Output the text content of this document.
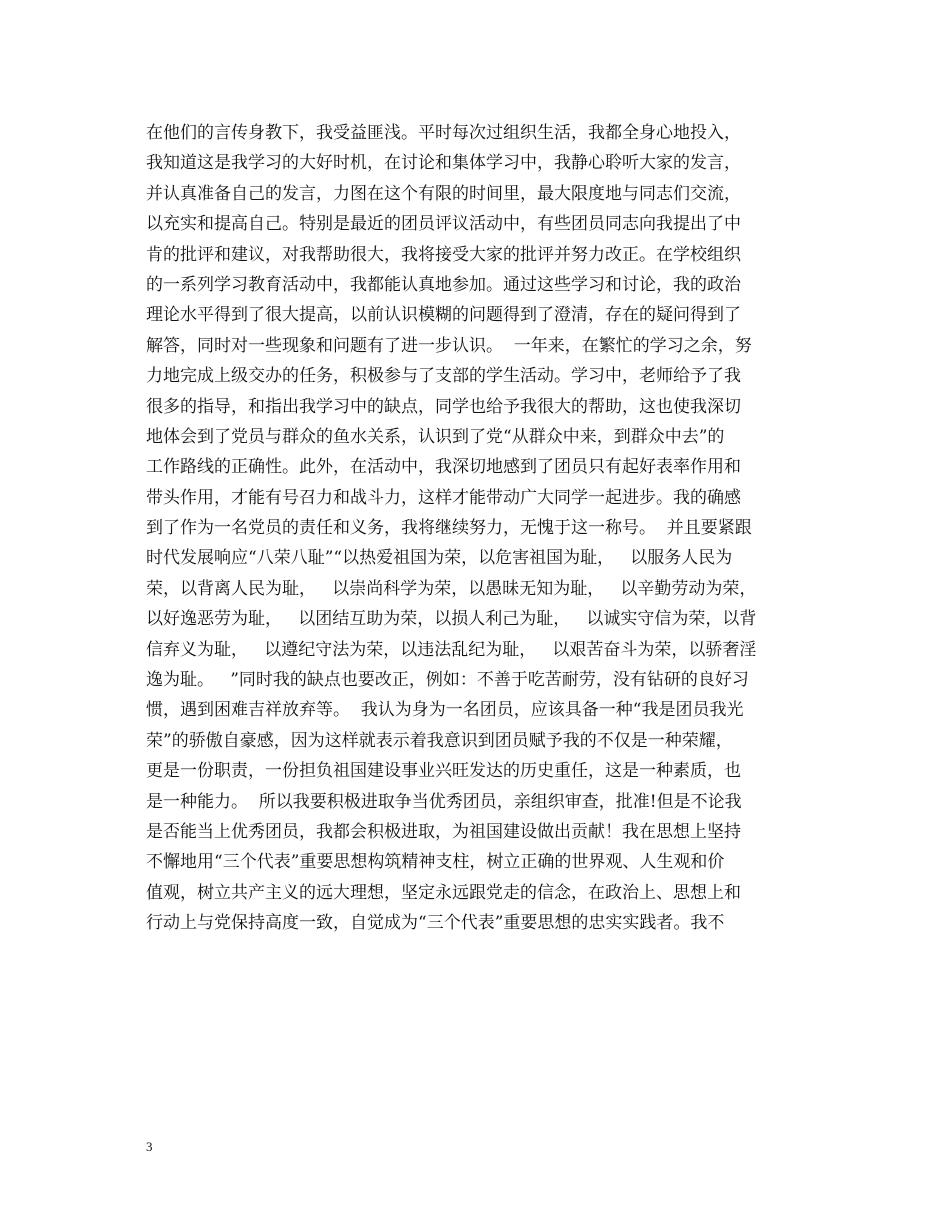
在他们的言传身教下，我受益匪浅。平时每次过组织生活，我都全身心地投入，
我知道这是我学习的大好时机，在讨论和集体学习中，我静心聆听大家的发言，
并认真准备自己的发言，力图在这个有限的时间里，最大限度地与同志们交流，
以充实和提高自己。特别是最近的团员评议活动中，有些团员同志向我提出了中
肯的批评和建议，对我帮助很大，我将接受大家的批评并努力改正。在学校组织
的一系列学习教育活动中，我都能认真地参加。通过这些学习和讨论，我的政治
理论水平得到了很大提高，以前认识模糊的问题得到了澄清，存在的疑问得到了
解答，同时对一些现象和问题有了进一步认识。  一年来，在繁忙的学习之余，努
力地完成上级交办的任务，积极参与了支部的学生活动。学习中，老师给予了我
很多的指导，和指出我学习中的缺点，同学也给予我很大的帮助，这也使我深切
地体会到了党员与群众的鱼水关系，认识到了党“从群众中来，到群众中去”的
工作路线的正确性。此外，在活动中，我深切地感到了团员只有起好表率作用和
带头作用，才能有号召力和战斗力，这样才能带动广大同学一起进步。我的确感
到了作为一名党员的责任和义务，我将继续努力，无愧于这一称号。  并且要紧跟
时代发展响应“八荣八耻”“以热爱祖国为荣，以危害祖国为耻，   以服务人民为
荣，以背离人民为耻，   以崇尚科学为荣，以愚昧无知为耻，   以辛勤劳动为荣，
以好逸恶劳为耻，   以团结互助为荣，以损人利己为耻，   以诚实守信为荣，以背
信弃义为耻，   以遵纪守法为荣，以违法乱纪为耻，   以艰苦奋斗为荣，以骄奢淫
逸为耻。   ”同时我的缺点也要改正，例如：不善于吃苦耐劳，没有钻研的良好习
惯，遇到困难吉祥放弃等。  我认为身为一名团员，应该具备一种“我是团员我光
荣”的骄傲自豪感，因为这样就表示着我意识到团员赋予我的不仅是一种荣耀，
更是一份职责，一份担负祖国建设事业兴旺发达的历史重任，这是一种素质，也
是一种能力。  所以我要积极进取争当优秀团员，亲组织审查，批准!但是不论我
是否能当上优秀团员，我都会积极进取，为祖国建设做出贡献！我在思想上坚持
不懈地用“三个代表”重要思想构筑精神支柱，树立正确的世界观、人生观和价
值观，树立共产主义的远大理想，坚定永远跟党走的信念，在政治上、思想上和
行动上与党保持高度一致，自觉成为“三个代表”重要思想的忠实实践者。我不
3
